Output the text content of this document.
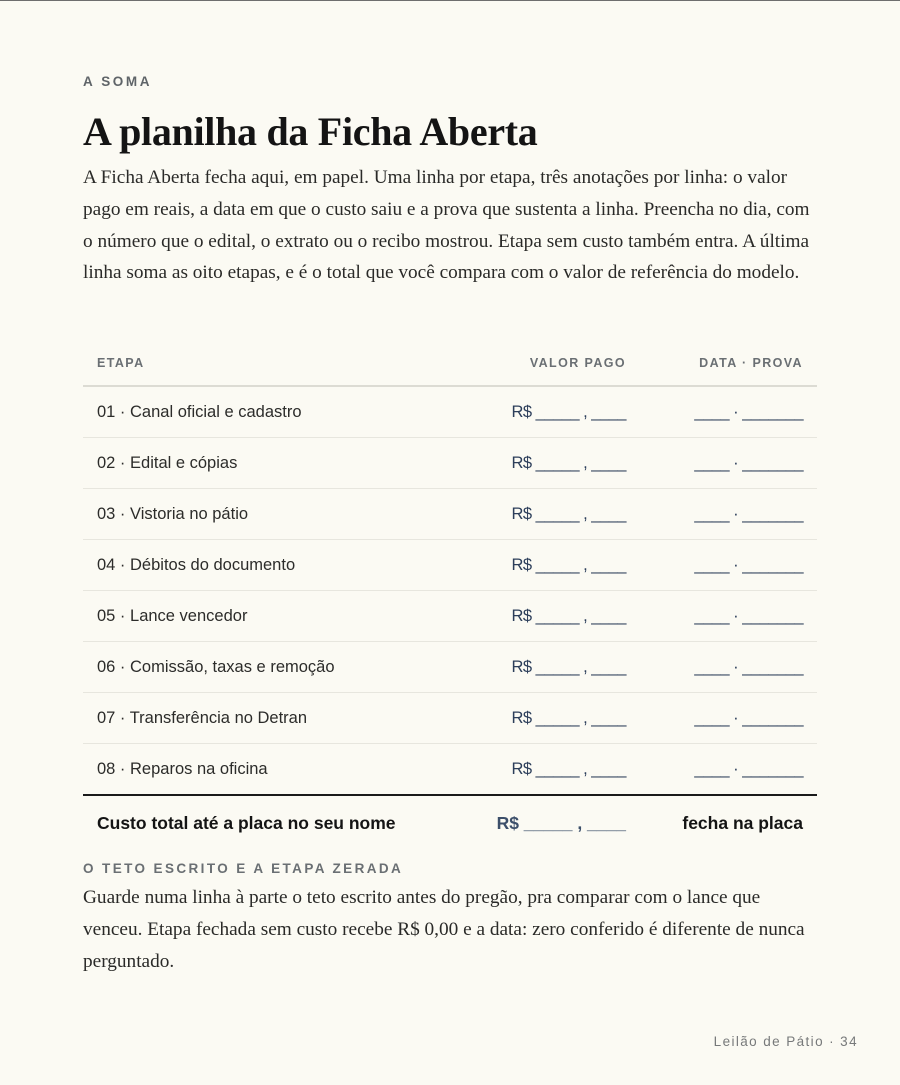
A SOMA
A planilha da Ficha Aberta

A Ficha Aberta fecha aqui, em papel. Uma linha por etapa, três anotações por linha: o valor pago em reais, a data em que o custo saiu e a prova que sustenta a linha. Preencha no dia, com o número que o edital, o extrato ou o recibo mostrou. Etapa sem custo também entra. A última linha soma as oito etapas, e é o total que você compara com o valor de referência do modelo.

ETAPA	VALOR PAGO	DATA · PROVA
01 · Canal oficial e cadastro	R$ _____ , ____	____ · _______
02 · Edital e cópias	R$ _____ , ____	____ · _______
03 · Vistoria no pátio	R$ _____ , ____	____ · _______
04 · Débitos do documento	R$ _____ , ____	____ · _______
05 · Lance vencedor	R$ _____ , ____	____ · _______
06 · Comissão, taxas e remoção	R$ _____ , ____	____ · _______
07 · Transferência no Detran	R$ _____ , ____	____ · _______
08 · Reparos na oficina	R$ _____ , ____	____ · _______
Custo total até a placa no seu nome	R$ _____ , ____	fecha na placa
O TETO ESCRITO E A ETAPA ZERADA

Guarde numa linha à parte o teto escrito antes do pregão, pra comparar com o lance que venceu. Etapa fechada sem custo recebe R$ 0,00 e a data: zero conferido é diferente de nunca perguntado.

Leilão de Pátio · 34
